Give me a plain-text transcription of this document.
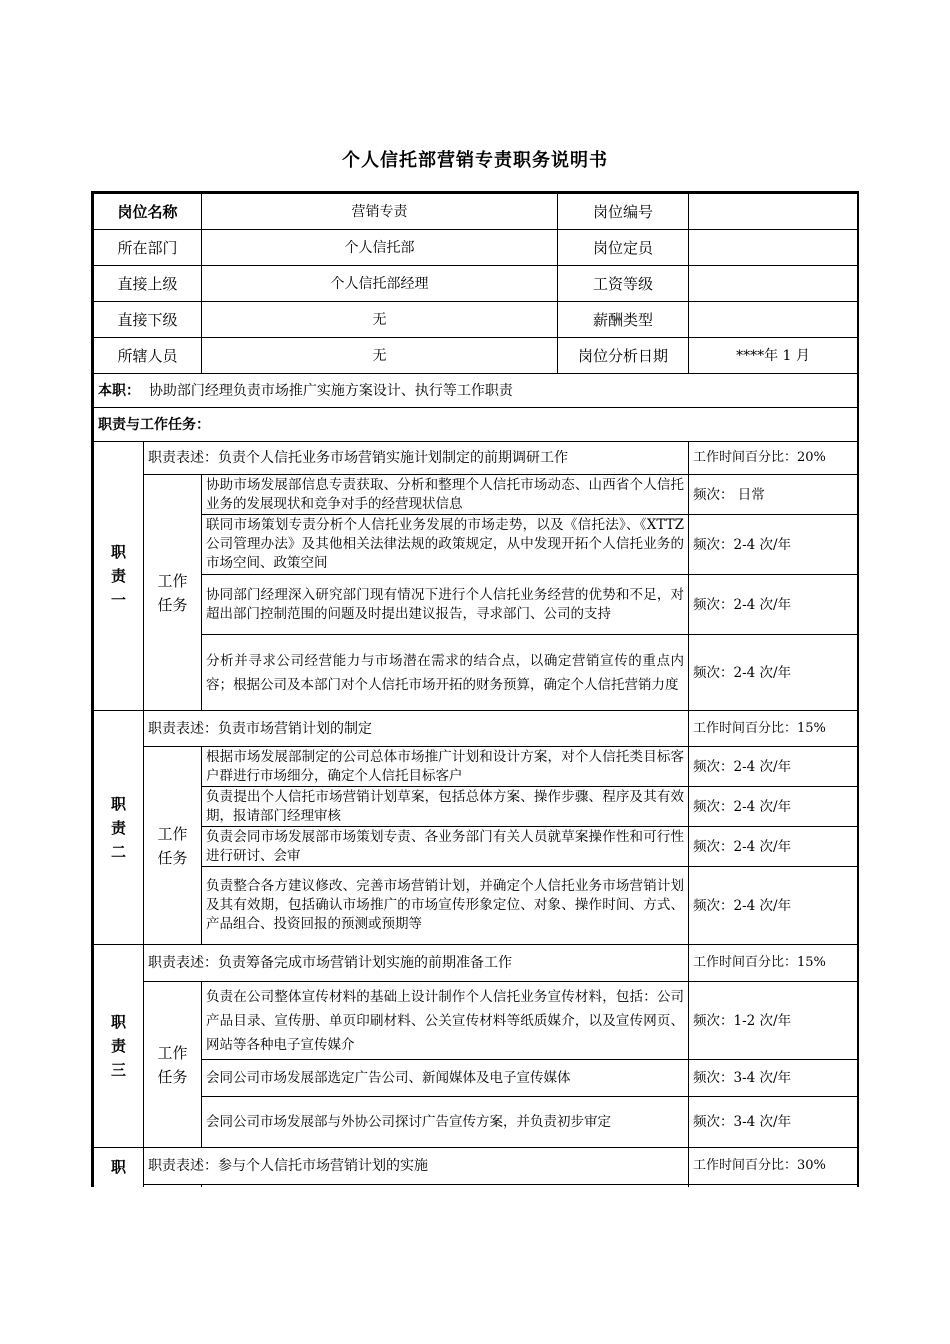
个人信托部营销专责职务说明书
岗位名称		营销专责	岗位编号	
所在部门		个人信托部	岗位定员	
直接上级		个人信托部经理	工资等级	
直接下级		无	薪酬类型	
所辖人员		无	岗位分析日期	****年 1 月
本职： 协助部门经理负责市场推广实施方案设计、执行等工作职责				
职责与工作任务：				

职
责
一	职责表述：负责个人信托业务市场营销实施计划制定的前期调研工作			工作时间百分比：20%

	工作
任务	协助市场发展部信息专责获取、分析和整理个人信托市场动态、山西省个人信托业务的发展现状和竞争对手的经营现状信息		频次： 日常
		联同市场策划专责分析个人信托业务发展的市场走势，以及《信托法》、《XTTZ 公司管理办法》及其他相关法律法规的政策规定，从中发现开拓个人信托业务的市场空间、政策空间		频次：2-4 次/年
		协同部门经理深入研究部门现有情况下进行个人信托业务经营的优势和不足，对超出部门控制范围的问题及时提出建议报告，寻求部门、公司的支持		频次：2-4 次/年
		分析并寻求公司经营能力与市场潜在需求的结合点，以确定营销宣传的重点内容；根据公司及本部门对个人信托市场开拓的财务预算，确定个人信托营销力度		频次：2-4 次/年

职
责
二	职责表述：负责市场营销计划的制定			工作时间百分比：15%

	工作
任务	根据市场发展部制定的公司总体市场推广计划和设计方案，对个人信托类目标客户群进行市场细分，确定个人信托目标客户		频次：2-4 次/年
		负责提出个人信托市场营销计划草案，包括总体方案、操作步骤、程序及其有效期，报请部门经理审核		频次：2-4 次/年
		负责会同市场发展部市场策划专责、各业务部门有关人员就草案操作性和可行性进行研讨、会审		频次：2-4 次/年
		负责整合各方建议修改、完善市场营销计划，并确定个人信托业务市场营销计划及其有效期，包括确认市场推广的市场宣传形象定位、对象、操作时间、方式、产品组合、投资回报的预测或预期等		频次：2-4 次/年

职
责
三	职责表述：负责筹备完成市场营销计划实施的前期准备工作			工作时间百分比：15%

	工作
任务	负责在公司整体宣传材料的基础上设计制作个人信托业务宣传材料，包括：公司产品目录、宣传册、单页印刷材料、公关宣传材料等纸质媒介，以及宣传网页、网站等各种电子宣传媒介		频次：1-2 次/年
		会同公司市场发展部选定广告公司、新闻媒体及电子宣传媒体		频次：3-4 次/年
		会同公司市场发展部与外协公司探讨广告宣传方案，并负责初步审定		频次：3-4 次/年

职	职责表述：参与个人信托市场营销计划的实施			工作时间百分比：30%
